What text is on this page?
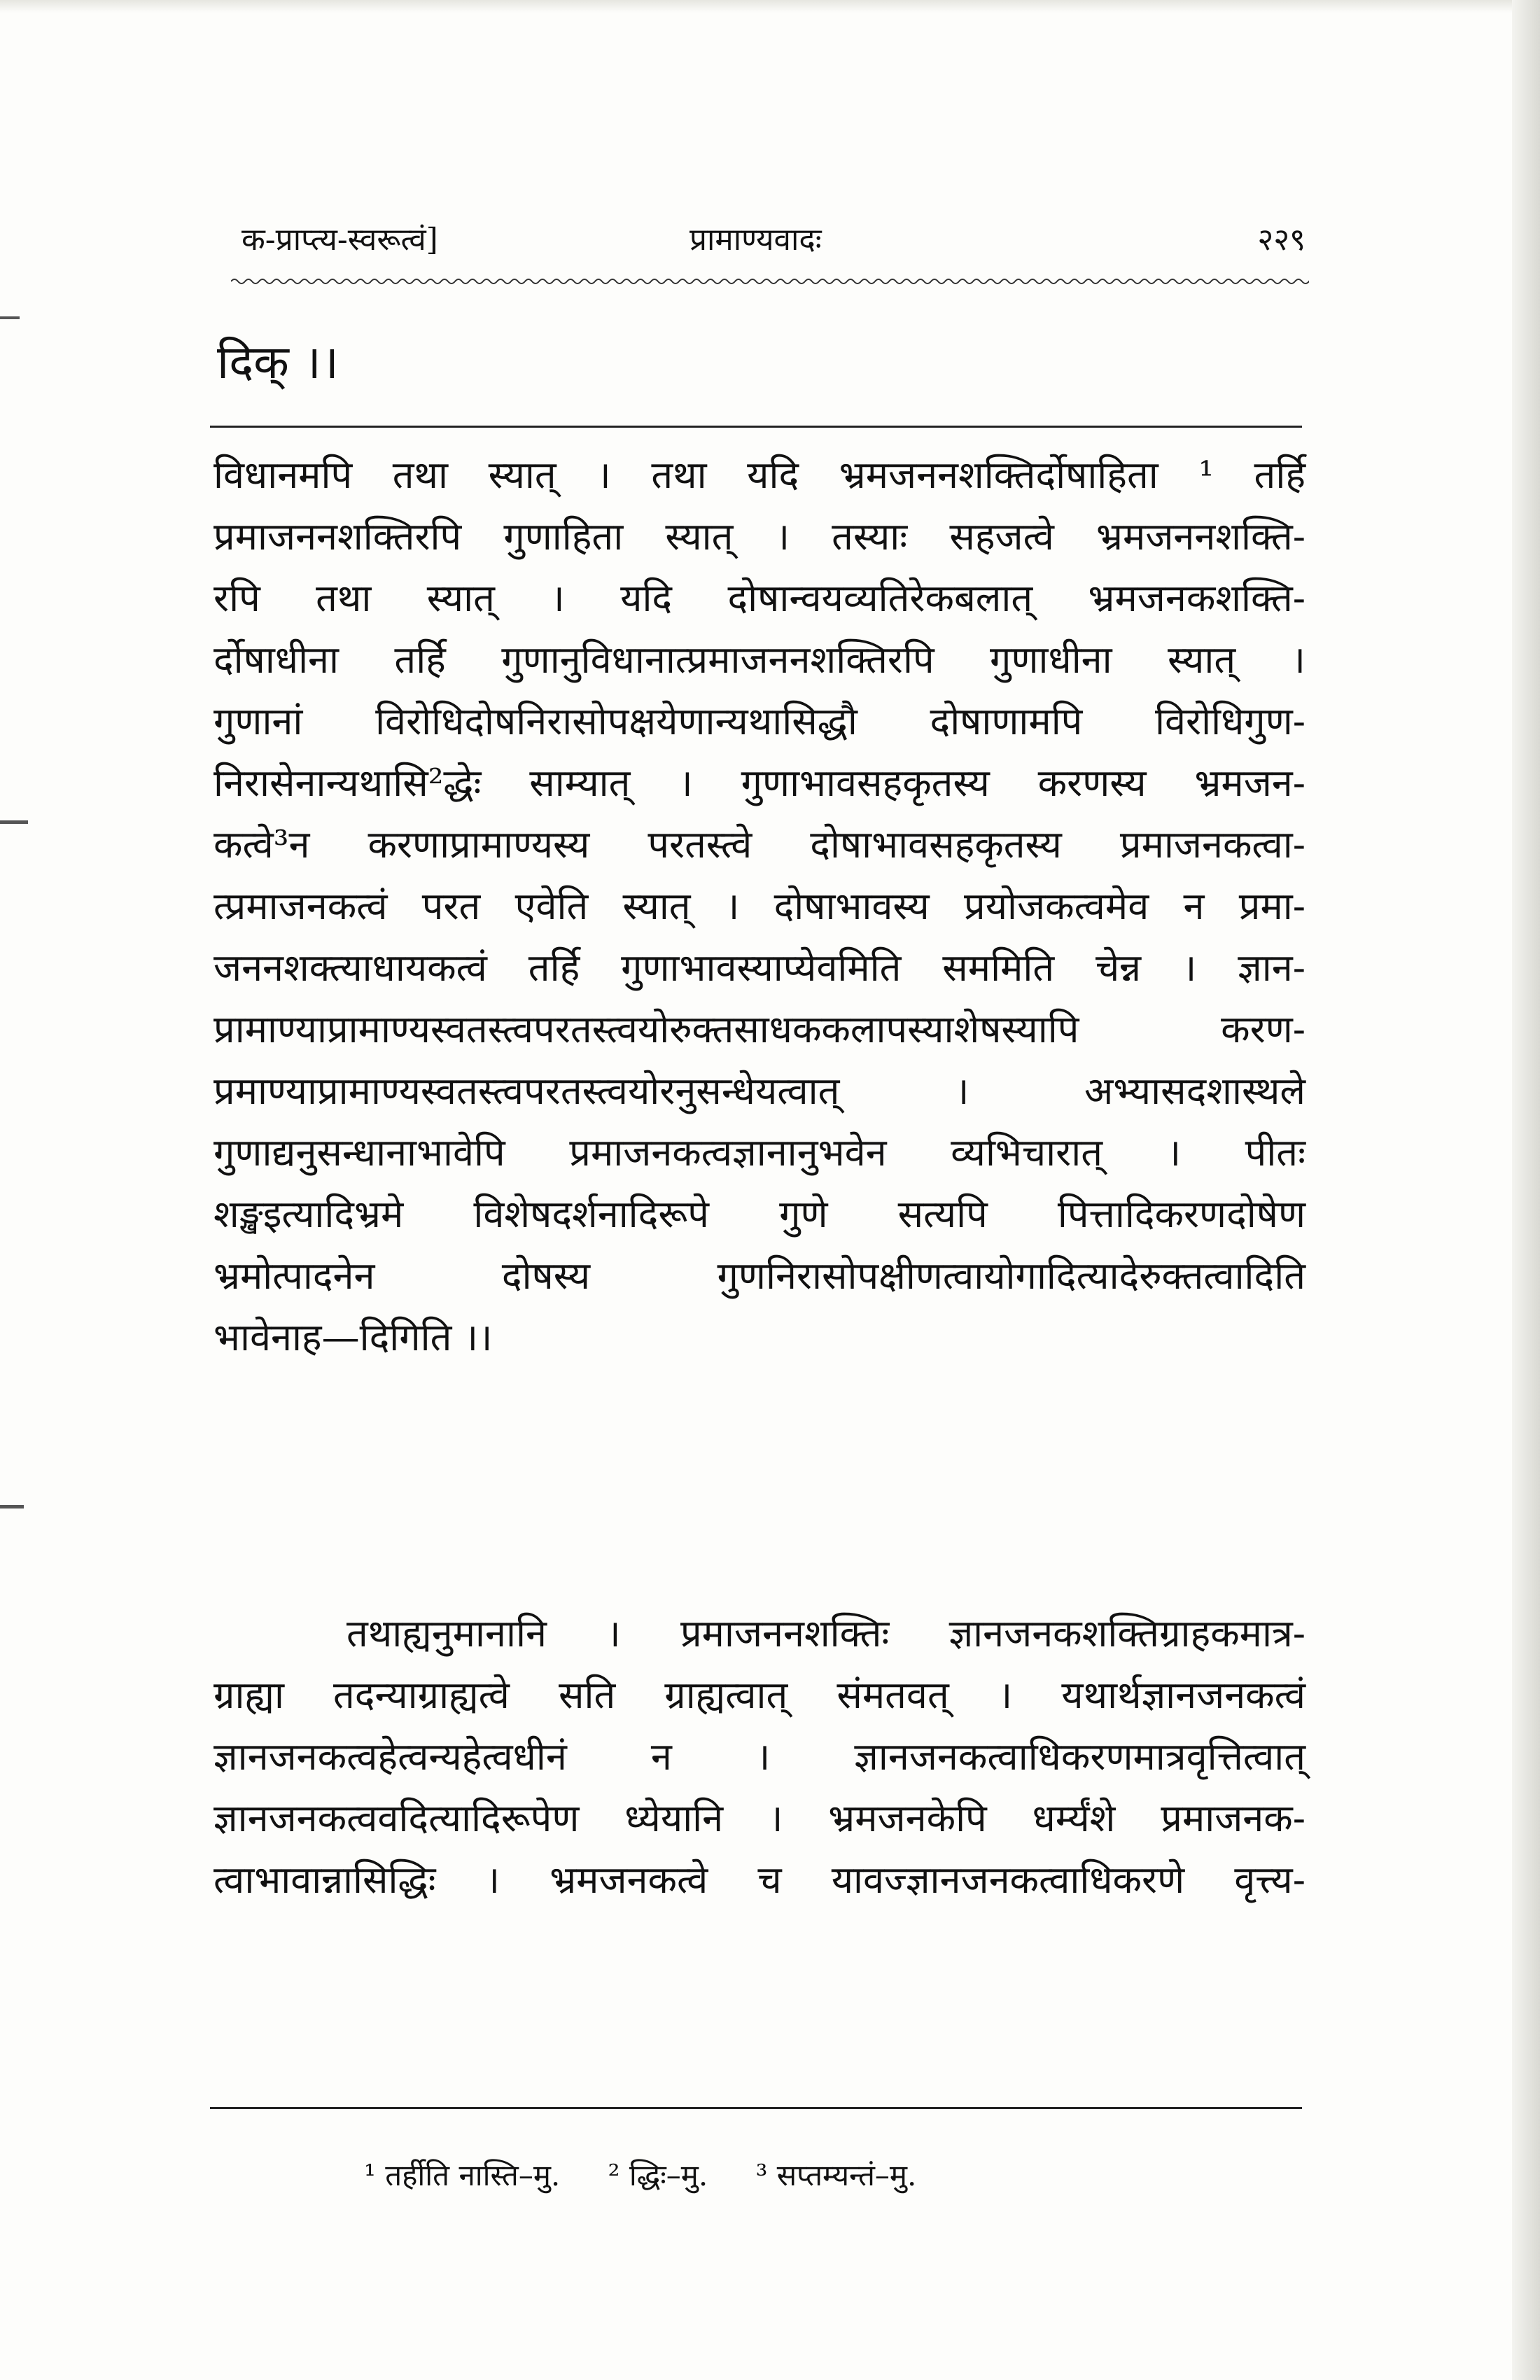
क-प्राप्त्य-स्वरूत्वं]	प्रामाण्यवादः	२२९
दिक् ।।
विधानमपि तथा स्यात् । तथा यदि भ्रमजननशक्तिर्दोषाहिता ¹ तर्हि
प्रमाजननशक्तिरपि गुणाहिता स्यात् । तस्याः सहजत्वे भ्रमजननशक्ति-
रपि तथा स्यात् । यदि दोषान्वयव्यतिरेकबलात् भ्रमजनकशक्ति-
र्दोषाधीना तर्हि गुणानुविधानात्प्रमाजननशक्तिरपि गुणाधीना स्यात् ।
गुणानां विरोधिदोषनिरासोपक्षयेणान्यथासिद्धौ दोषाणामपि विरोधिगुण-
निरासेनान्यथासि²द्धेः साम्यात् । गुणाभावसहकृतस्य करणस्य भ्रमजन-
कत्वे³न करणाप्रामाण्यस्य परतस्त्वे दोषाभावसहकृतस्य प्रमाजनकत्वा-
त्प्रमाजनकत्वं परत एवेति स्यात् । दोषाभावस्य प्रयोजकत्वमेव न प्रमा-
जननशक्त्याधायकत्वं तर्हि गुणाभावस्याप्येवमिति सममिति चेन्न । ज्ञान-
प्रामाण्याप्रामाण्यस्वतस्त्वपरतस्त्वयोरुक्तसाधककलापस्याशेषस्यापि करण-
प्रमाण्याप्रामाण्यस्वतस्त्वपरतस्त्वयोरनुसन्धेयत्वात् । अभ्यासदशास्थले
गुणाद्यनुसन्धानाभावेपि प्रमाजनकत्वज्ञानानुभवेन व्यभिचारात् । पीतः
शङ्खइत्यादिभ्रमे विशेषदर्शनादिरूपे गुणे सत्यपि पित्तादिकरणदोषेण
भ्रमोत्पादनेन दोषस्य गुणनिरासोपक्षीणत्वायोगादित्यादेरुक्तत्वादिति
भावेनाह—दिगिति ।।
तथाह्यनुमानानि । प्रमाजननशक्तिः ज्ञानजनकशक्तिग्राहकमात्र-
ग्राह्या तदन्याग्राह्यत्वे सति ग्राह्यत्वात् संमतवत् । यथार्थज्ञानजनकत्वं
ज्ञानजनकत्वहेत्वन्यहेत्वधीनं न । ज्ञानजनकत्वाधिकरणमात्रवृत्तित्वात्
ज्ञानजनकत्ववदित्यादिरूपेण ध्येयानि । भ्रमजनकेपि धर्म्यंशे प्रमाजनक-
त्वाभावान्नासिद्धिः । भ्रमजनकत्वे च यावज्ज्ञानजनकत्वाधिकरणे वृत्त्य-
¹ तर्हीति नास्ति–मु. ² द्धिः–मु. ³ सप्तम्यन्तं–मु.
